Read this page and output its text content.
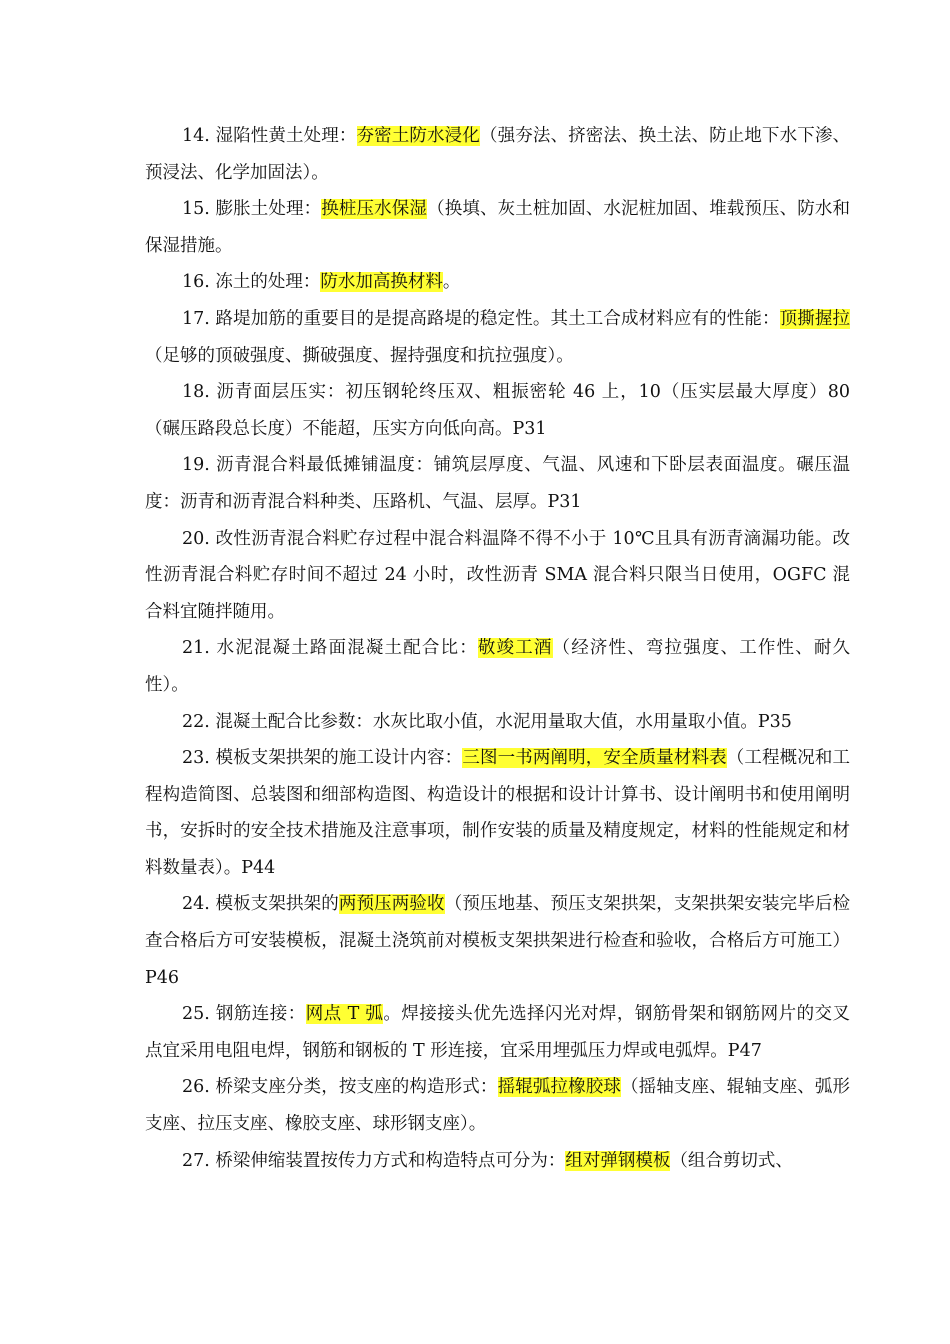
14. 湿陷性黄土处理：夯密土防水浸化（强夯法、挤密法、换土法、防止地下水下渗、预浸法、化学加固法）。

15. 膨胀土处理：换桩压水保湿（换填、灰土桩加固、水泥桩加固、堆载预压、防水和保湿措施。

16. 冻土的处理：防水加高换材料。

17. 路堤加筋的重要目的是提高路堤的稳定性。其土工合成材料应有的性能：顶撕握拉（足够的顶破强度、撕破强度、握持强度和抗拉强度）。

18. 沥青面层压实：初压钢轮终压双、粗振密轮 46 上，10（压实层最大厚度）80（碾压路段总长度）不能超，压实方向低向高。P31

19. 沥青混合料最低摊铺温度：铺筑层厚度、气温、风速和下卧层表面温度。碾压温度：沥青和沥青混合料种类、压路机、气温、层厚。P31

20. 改性沥青混合料贮存过程中混合料温降不得不小于 10℃且具有沥青滴漏功能。改性沥青混合料贮存时间不超过 24 小时，改性沥青 SMA 混合料只限当日使用，OGFC 混合料宜随拌随用。

21. 水泥混凝土路面混凝土配合比：敬竣工酒（经济性、弯拉强度、工作性、耐久性）。

22. 混凝土配合比参数：水灰比取小值，水泥用量取大值，水用量取小值。P35

23. 模板支架拱架的施工设计内容：三图一书两阐明，安全质量材料表（工程概况和工程构造简图、总装图和细部构造图、构造设计的根据和设计计算书、设计阐明书和使用阐明书，安拆时的安全技术措施及注意事项，制作安装的质量及精度规定，材料的性能规定和材料数量表）。P44

24. 模板支架拱架的两预压两验收（预压地基、预压支架拱架，支架拱架安装完毕后检查合格后方可安装模板，混凝土浇筑前对模板支架拱架进行检查和验收，合格后方可施工）P46

25. 钢筋连接：网点 T 弧。焊接接头优先选择闪光对焊，钢筋骨架和钢筋网片的交叉点宜采用电阻电焊，钢筋和钢板的 T 形连接，宜采用埋弧压力焊或电弧焊。P47

26. 桥梁支座分类，按支座的构造形式：摇辊弧拉橡胶球（摇轴支座、辊轴支座、弧形支座、拉压支座、橡胶支座、球形钢支座）。

27. 桥梁伸缩装置按传力方式和构造特点可分为：组对弹钢模板（组合剪切式、
